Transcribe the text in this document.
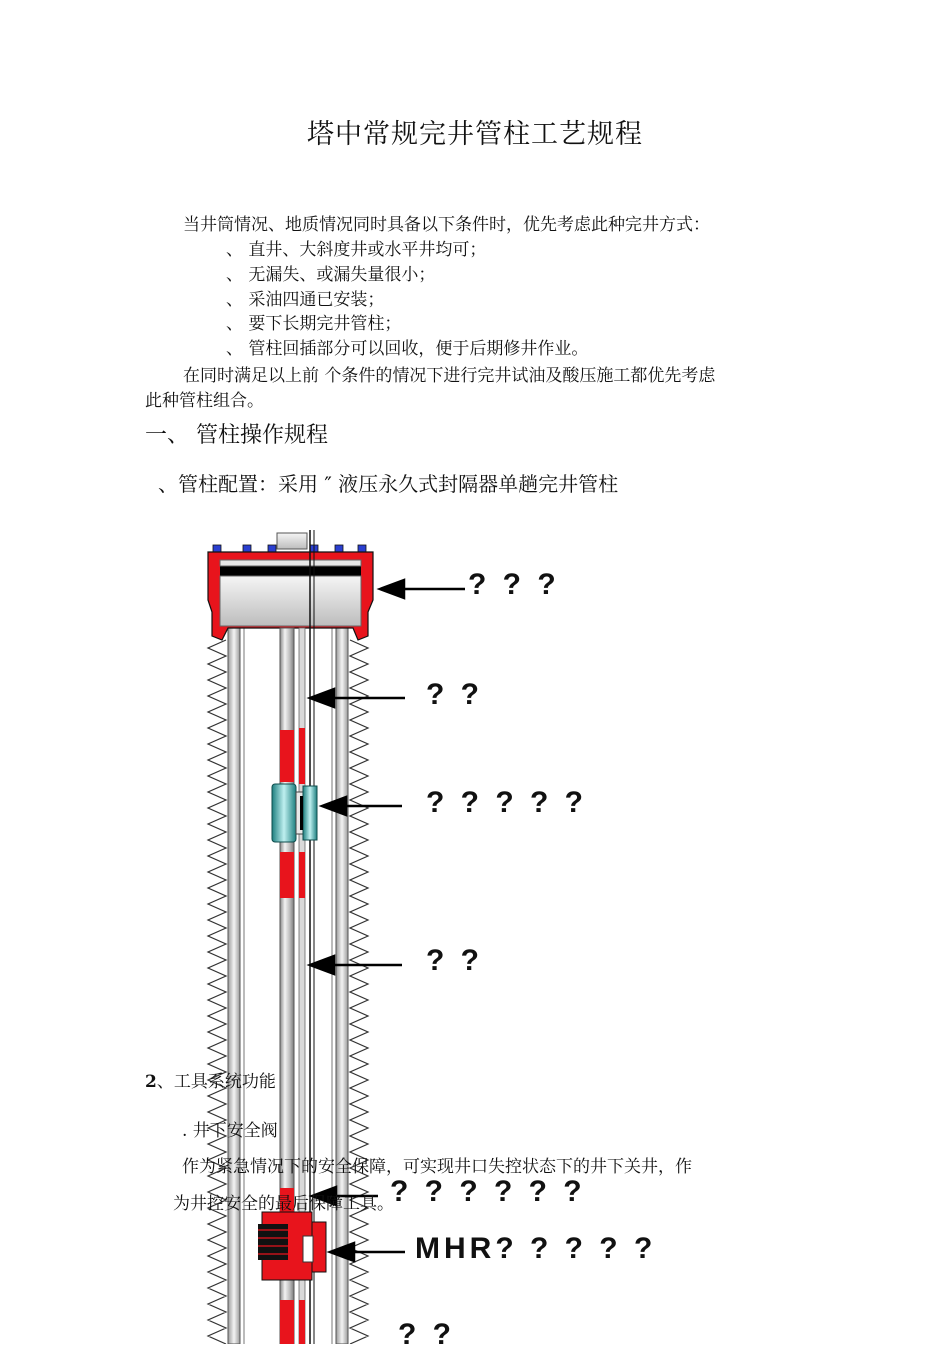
? ? ?
? ?
? ? ? ? ?
? ?
? ? ? ? ? ?
MHR? ? ? ? ?
? ?
塔中常规完井管柱工艺规程
当井筒情况、地质情况同时具备以下条件时，优先考虑此种完井方式：
、 直井、大斜度井或水平井均可；
、 无漏失、或漏失量很小；
、 采油四通已安装；
、 要下长期完井管柱；
、 管柱回插部分可以回收，便于后期修井作业。
在同时满足以上前 个条件的情况下进行完井试油及酸压施工都优先考虑
此种管柱组合。
一、 管柱操作规程
、管柱配置：采用 ″ 液压永久式封隔器单趟完井管柱
2、工具系统功能
. 井下安全阀
作为紧急情况下的安全保障，可实现井口失控状态下的井下关井，作
为井控安全的最后保障工具。
